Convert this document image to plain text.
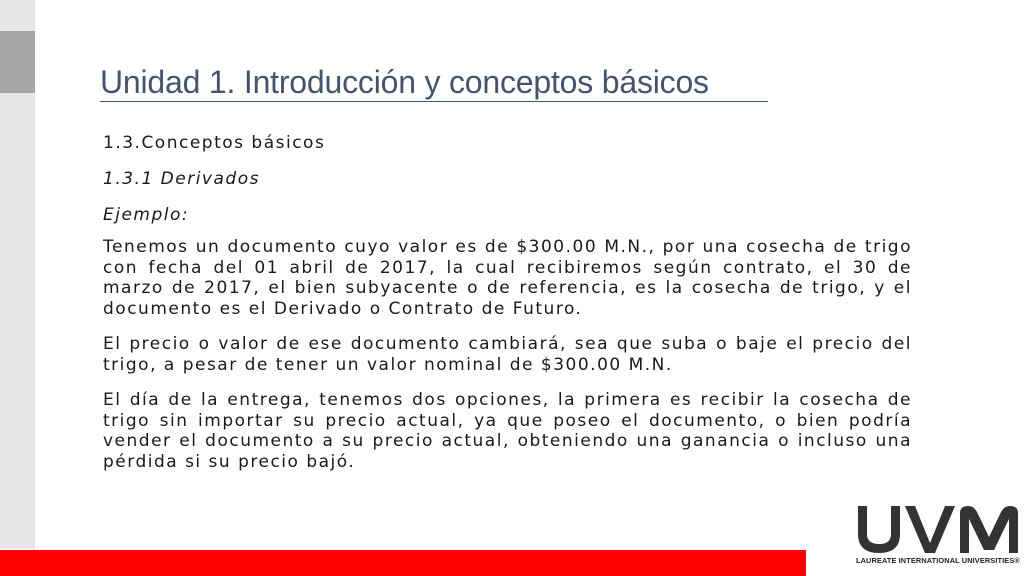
Unidad 1. Introducción y conceptos básicos

1.3.Conceptos básicos

1.3.1 Derivados

Ejemplo:

Tenemos un documento cuyo valor es de $300.00 M.N., por una cosecha de trigo con fecha del 01 abril de 2017, la cual recibiremos según contrato, el 30 de marzo de 2017, el bien subyacente o de referencia, es la cosecha de trigo, y el documento es el Derivado o Contrato de Futuro.

El precio o valor de ese documento cambiará, sea que suba o baje el precio del trigo, a pesar de tener un valor nominal de $300.00 M.N.

El día de la entrega, tenemos dos opciones, la primera es recibir la cosecha de trigo sin importar su precio actual, ya que poseo el documento, o bien podría vender el documento a su precio actual, obteniendo una ganancia o incluso una pérdida si su precio bajó.

LAUREATE INTERNATIONAL UNIVERSITIES®
